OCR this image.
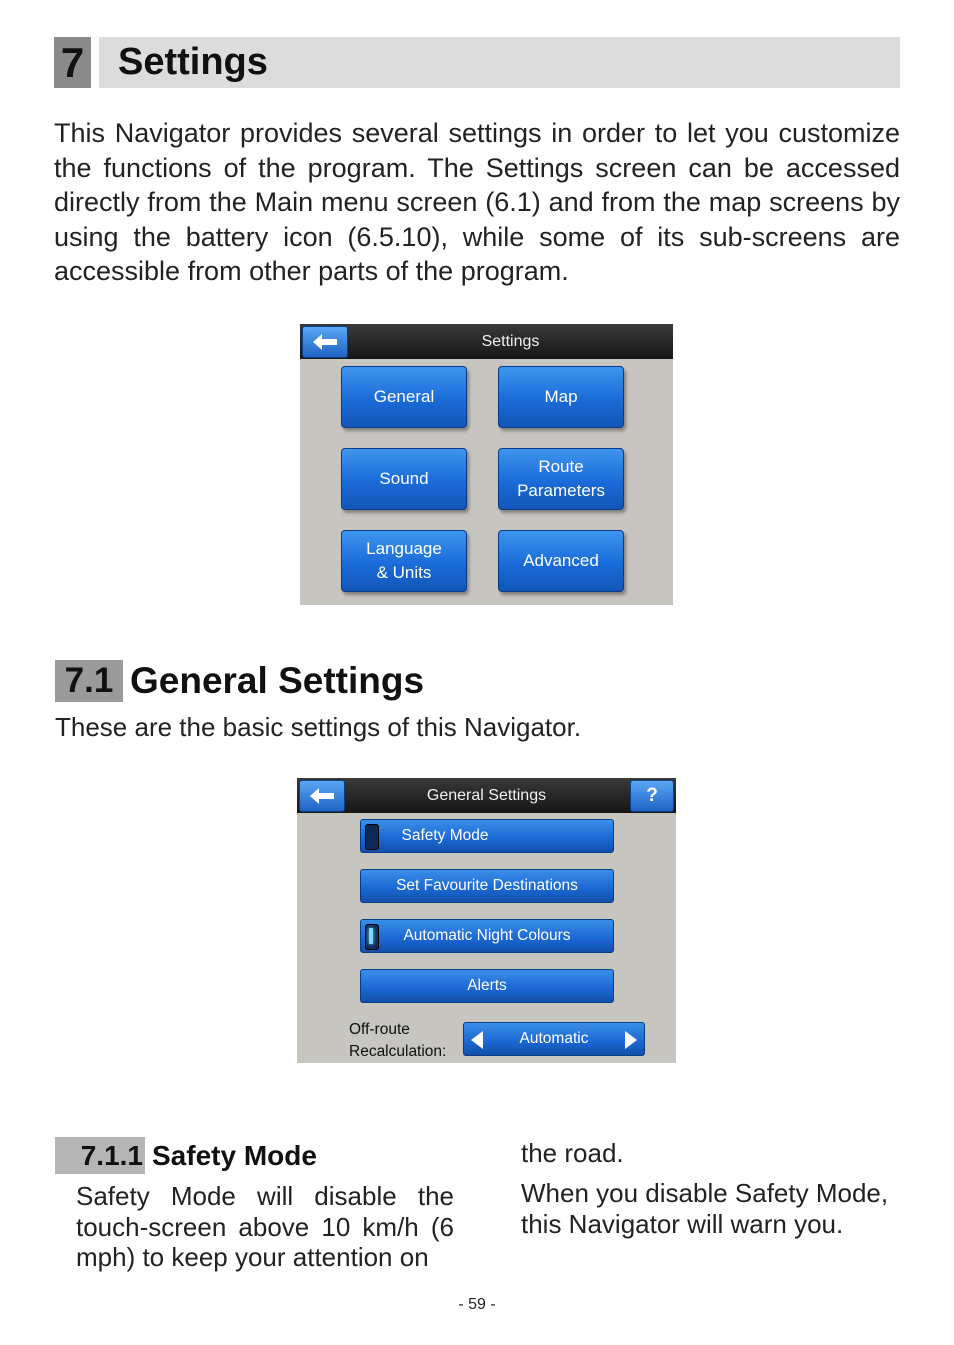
7 Settings
This Navigator provides several settings in order to let you customize the functions of the program. The Settings screen can be accessed directly from the Main menu screen (6.1) and from the map screens by using the battery icon (6.5.10), while some of its sub-screens are accessible from other parts of the program.
Settings
General	Map
Sound
Route Parameters
Language & Units
Advanced
7.1 General Settings
These are the basic settings of this Navigator.
General Settings	?
Safety Mode
Set Favourite Destinations
Automatic Night Colours
Alerts
Off-route
Recalculation:
Automatic
7.1.1 Safety Mode
Safety Mode will disable the touch-screen above 10 km/h (6 mph) to keep your attention on
the road.
When you disable Safety Mode, this Navigator will warn you.
- 59 -
